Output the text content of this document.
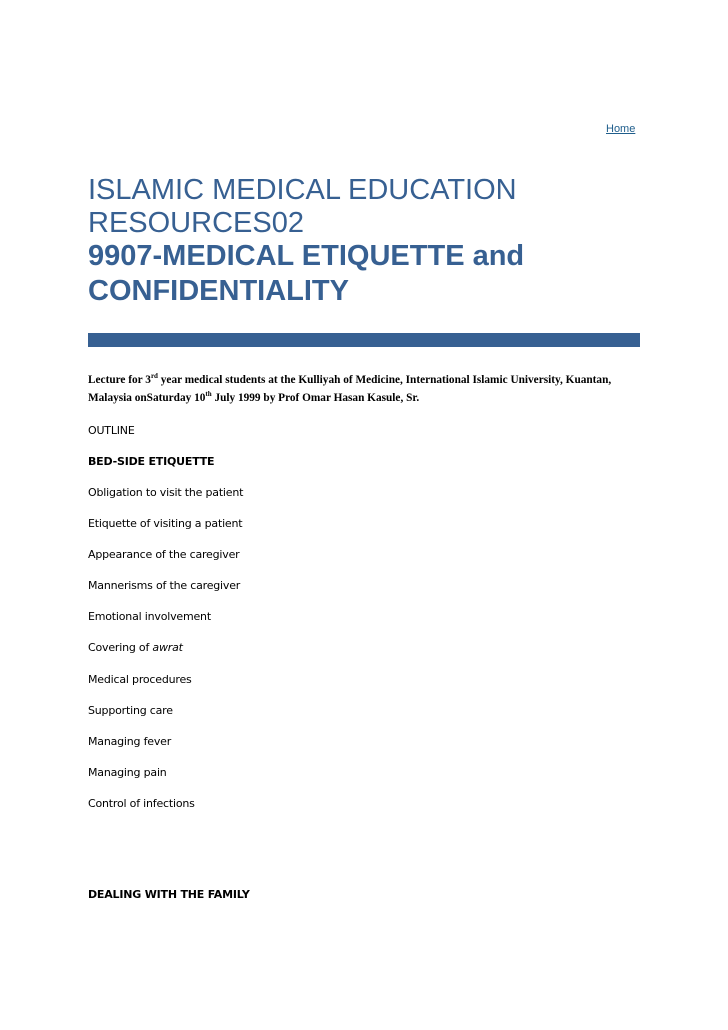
Home
ISLAMIC MEDICAL EDUCATION
RESOURCES02
9907-MEDICAL ETIQUETTE and
CONFIDENTIALITY
Lecture for 3rd year medical students at the Kulliyah of Medicine, International Islamic University, Kuantan, Malaysia onSaturday 10th July 1999 by Prof Omar Hasan Kasule, Sr.
OUTLINE
BED-SIDE ETIQUETTE
Obligation to visit the patient
Etiquette of visiting a patient
Appearance of the caregiver
Mannerisms of the caregiver
Emotional involvement
Covering of awrat
Medical procedures
Supporting care
Managing fever
Managing pain
Control of infections
DEALING WITH THE FAMILY
